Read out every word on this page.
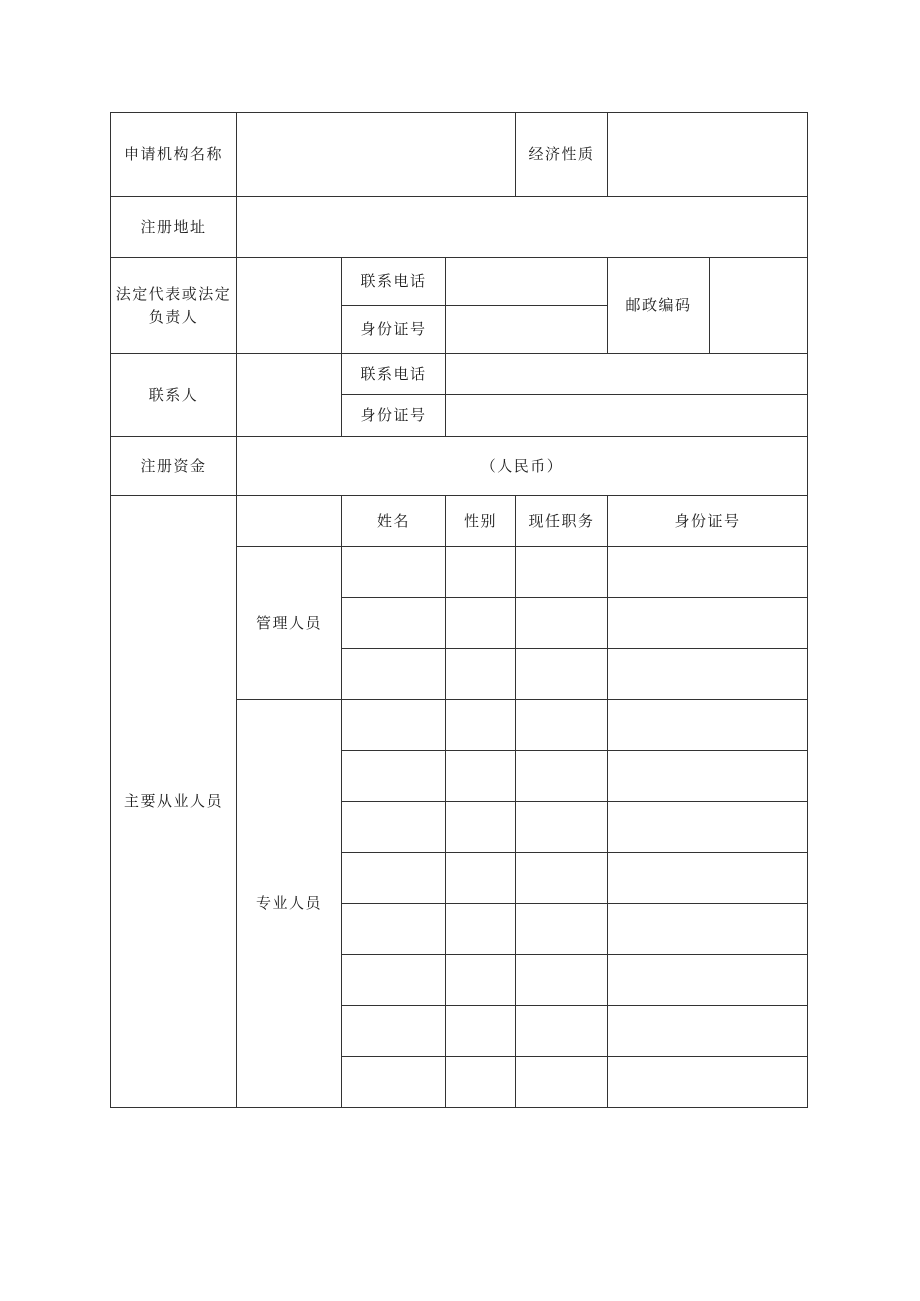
申请机构名称				经济性质		
注册地址						
法定代表或法定负责人		联系电话			邮政编码	
		身份证号				
联系人		联系电话				
		身份证号				
注册资金	（人民币）					
主要从业人员		姓名	性别	现任职务	身份证号	
	管理人员					

	专业人员					
